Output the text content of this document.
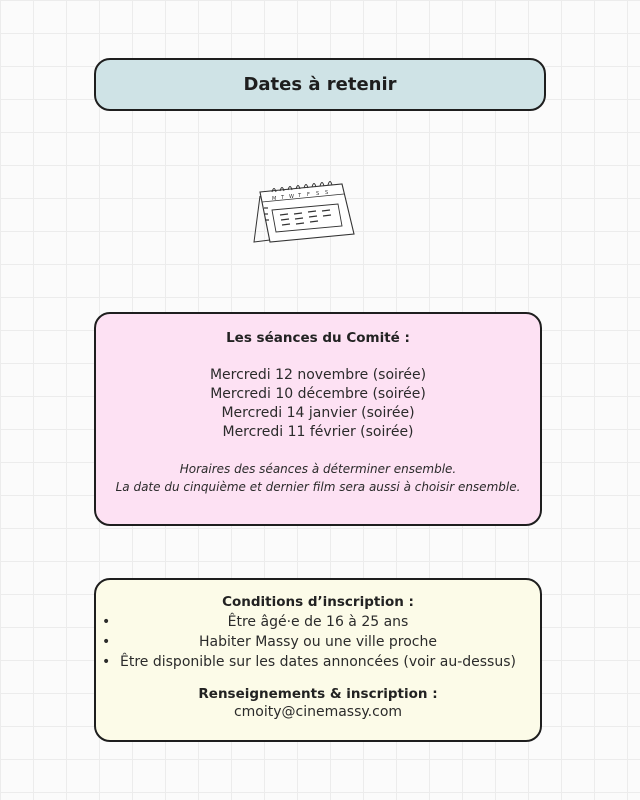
Dates à retenir
M T W T F S S
Les séances du Comité :
Mercredi 12 novembre (soirée)
Mercredi 10 décembre (soirée)
Mercredi 14 janvier (soirée)
Mercredi 11 février (soirée)
Horaires des séances à déterminer ensemble.
La date du cinquième et dernier film sera aussi à choisir ensemble.
Conditions d’inscription :
•	Être âgé·e de 16 à 25 ans
•	Habiter Massy ou une ville proche
• Être disponible sur les dates annoncées (voir au-dessus)
Renseignements & inscription :
cmoity@cinemassy.com
